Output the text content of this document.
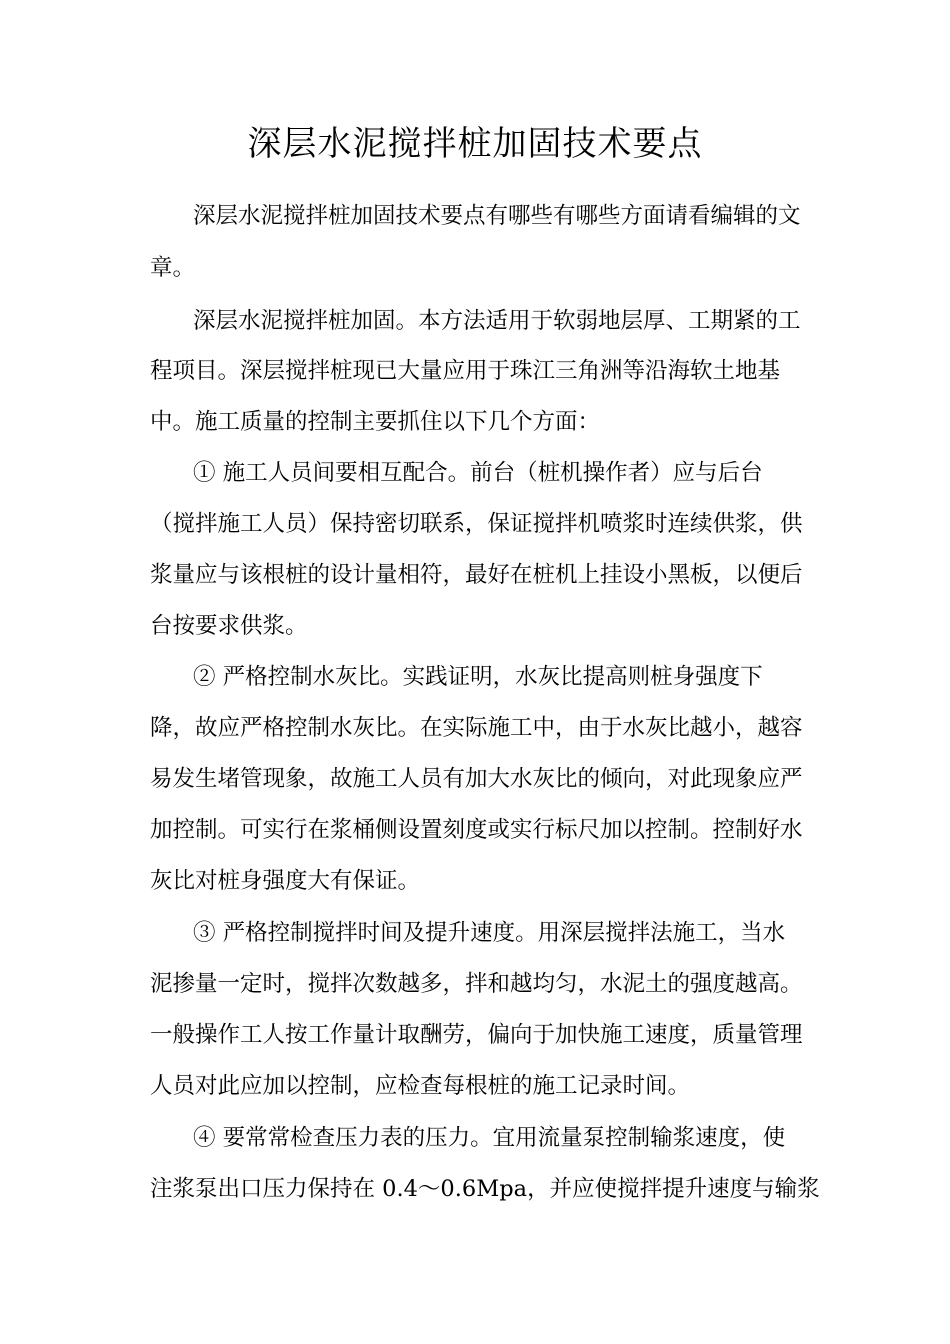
深层水泥搅拌桩加固技术要点
深层水泥搅拌桩加固技术要点有哪些有哪些方面请看编辑的文
章。
深层水泥搅拌桩加固。本方法适用于软弱地层厚、工期紧的工
程项目。深层搅拌桩现已大量应用于珠江三角洲等沿海软土地基
中。施工质量的控制主要抓住以下几个方面：
① 施工人员间要相互配合。前台（桩机操作者）应与后台
（搅拌施工人员）保持密切联系，保证搅拌机喷浆时连续供浆，供
浆量应与该根桩的设计量相符，最好在桩机上挂设小黑板，以便后
台按要求供浆。
② 严格控制水灰比。实践证明，水灰比提高则桩身强度下
降，故应严格控制水灰比。在实际施工中，由于水灰比越小，越容
易发生堵管现象，故施工人员有加大水灰比的倾向，对此现象应严
加控制。可实行在浆桶侧设置刻度或实行标尺加以控制。控制好水
灰比对桩身强度大有保证。
③ 严格控制搅拌时间及提升速度。用深层搅拌法施工，当水
泥掺量一定时，搅拌次数越多，拌和越均匀，水泥土的强度越高。
一般操作工人按工作量计取酬劳，偏向于加快施工速度，质量管理
人员对此应加以控制，应检查每根桩的施工记录时间。
④ 要常常检查压力表的压力。宜用流量泵控制输浆速度，使
注浆泵出口压力保持在 0.4～0.6Mpa，并应使搅拌提升速度与输浆
